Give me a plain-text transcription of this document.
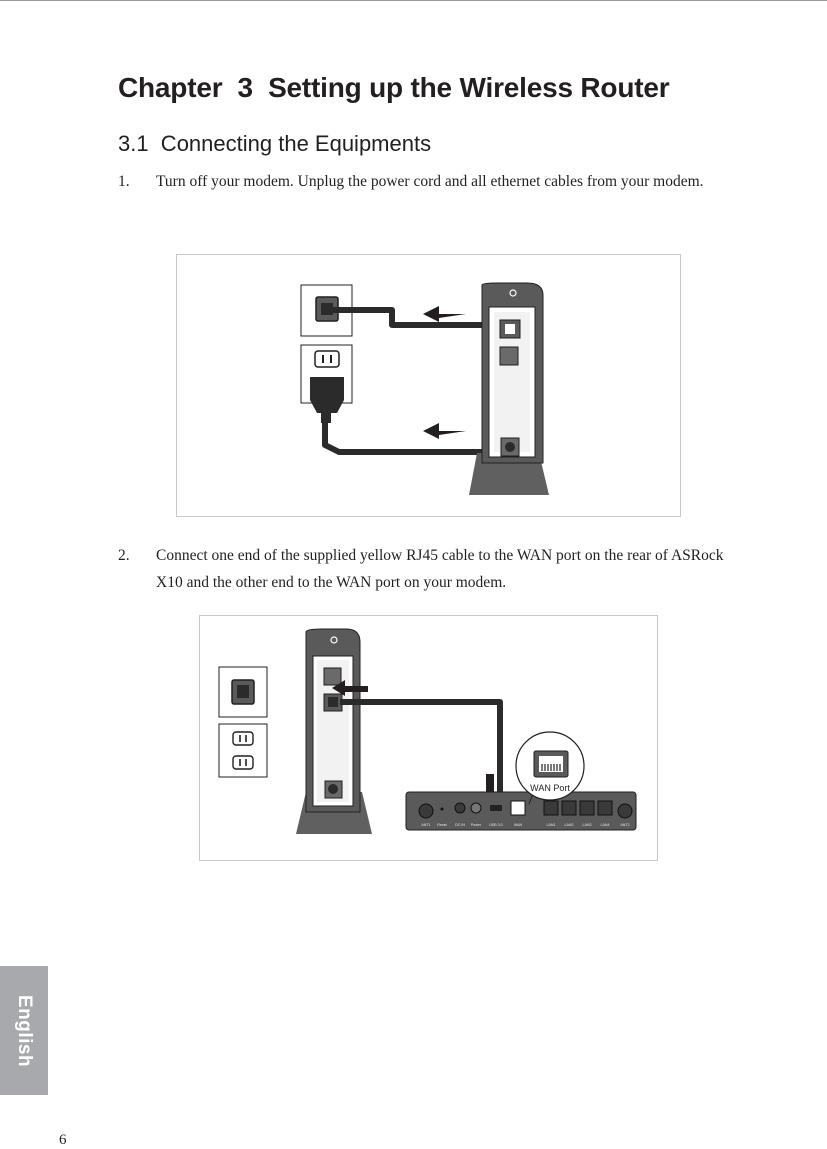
Chapter  3  Setting up the Wireless Router
3.1  Connecting the Equipments
1. Turn off your modem. Unplug the power cord and all ethernet cables from your modem.
2. Connect one end of the supplied yellow RJ45 cable to the WAN port on the rear of ASRock X10 and the other end to the WAN port on your modem.
ANT1 Reset DC IN Power USB 3.0	WAN	LAN1	LAN2	LAN3	LAN4	ANT2
WAN Port
English
6
